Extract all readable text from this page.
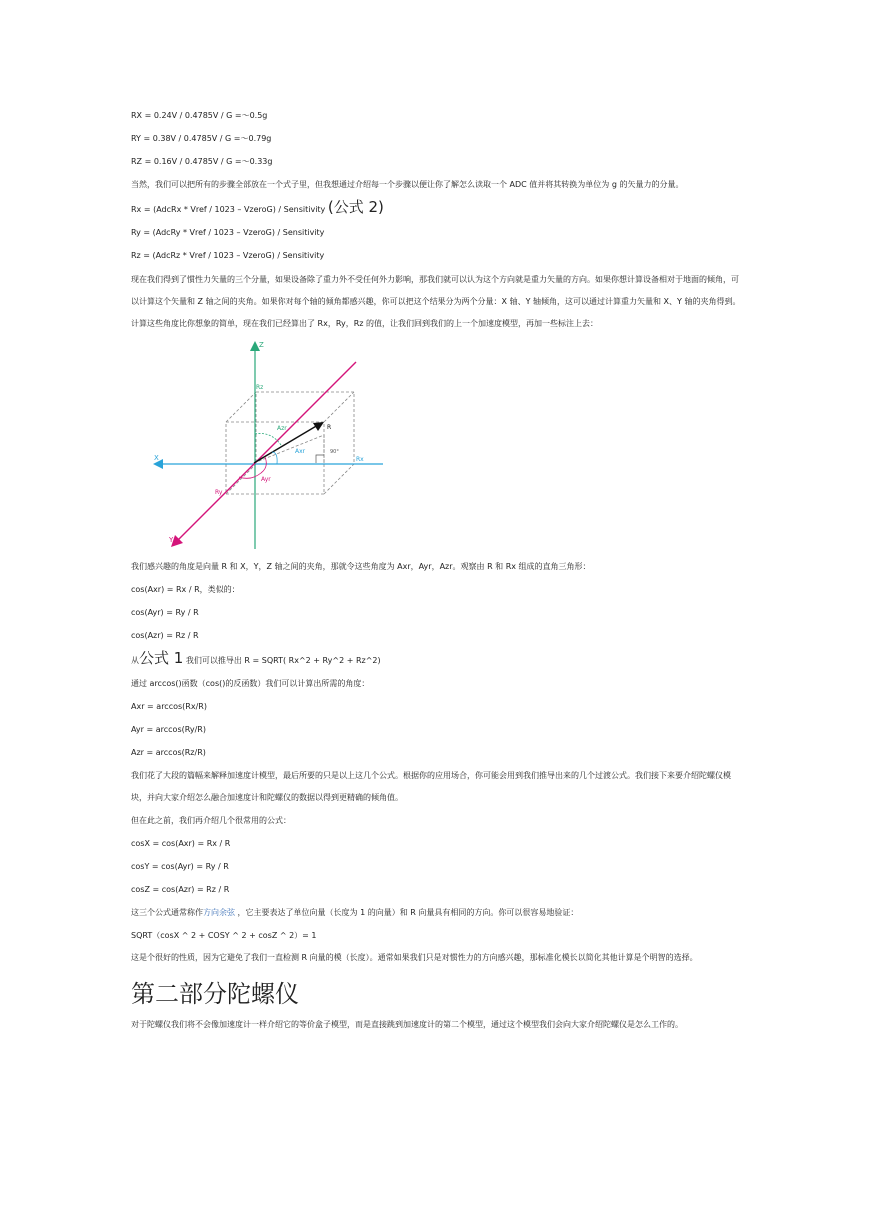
RX = 0.24V / 0.4785V / G =～0.5g

RY = 0.38V / 0.4785V / G =～0.79g

RZ = 0.16V / 0.4785V / G =～0.33g

当然，我们可以把所有的步骤全部放在一个式子里，但我想通过介绍每一个步骤以便让你了解怎么读取一个 ADC 值并将其转换为单位为 g 的矢量力的分量。

Rx = (AdcRx * Vref / 1023 – VzeroG) / Sensitivity (公式 2)

Ry = (AdcRy * Vref / 1023 – VzeroG) / Sensitivity

Rz = (AdcRz * Vref / 1023 – VzeroG) / Sensitivity

现在我们得到了惯性力矢量的三个分量，如果设备除了重力外不受任何外力影响，那我们就可以认为这个方向就是重力矢量的方向。如果你想计算设备相对于地面的倾角，可以计算这个矢量和 Z 轴之间的夹角。如果你对每个轴的倾角都感兴趣，你可以把这个结果分为两个分量：X 轴、Y 轴倾角，这可以通过计算重力矢量和 X、Y 轴的夹角得到。计算这些角度比你想象的简单，现在我们已经算出了 Rx，Ry，Rz 的值，让我们回到我们的上一个加速度模型，再加一些标注上去：

Z
Rz
X	Rx
Y
Ry
R
Azr
Axr
Ayr
90°

我们感兴趣的角度是向量 R 和 X，Y，Z 轴之间的夹角，那就令这些角度为 Axr，Ayr，Azr。观察由 R 和 Rx 组成的直角三角形：

cos(Axr) = Rx / R，类似的：

cos(Ayr) = Ry / R

cos(Azr) = Rz / R

从公式 1 我们可以推导出 R = SQRT( Rx^2 + Ry^2 + Rz^2)

通过 arccos()函数（cos()的反函数）我们可以计算出所需的角度：

Axr = arccos(Rx/R)

Ayr = arccos(Ry/R)

Azr = arccos(Rz/R)

我们花了大段的篇幅来解释加速度计模型，最后所要的只是以上这几个公式。根据你的应用场合，你可能会用到我们推导出来的几个过渡公式。我们接下来要介绍陀螺仪模块，并向大家介绍怎么融合加速度计和陀螺仪的数据以得到更精确的倾角值。

但在此之前，我们再介绍几个很常用的公式：

cosX = cos(Axr) = Rx / R

cosY = cos(Ayr) = Ry / R

cosZ = cos(Azr) = Rz / R

这三个公式通常称作方向余弦 ，它主要表达了单位向量（长度为 1 的向量）和 R 向量具有相同的方向。你可以很容易地验证：

SQRT（cosX ^ 2 + COSY ^ 2 + cosZ ^ 2）= 1

这是个很好的性质，因为它避免了我们一直检测 R 向量的模（长度）。通常如果我们只是对惯性力的方向感兴趣，那标准化模长以简化其他计算是个明智的选择。

第二部分陀螺仪

对于陀螺仪我们将不会像加速度计一样介绍它的等价盒子模型，而是直接跳到加速度计的第二个模型，通过这个模型我们会向大家介绍陀螺仪是怎么工作的。
